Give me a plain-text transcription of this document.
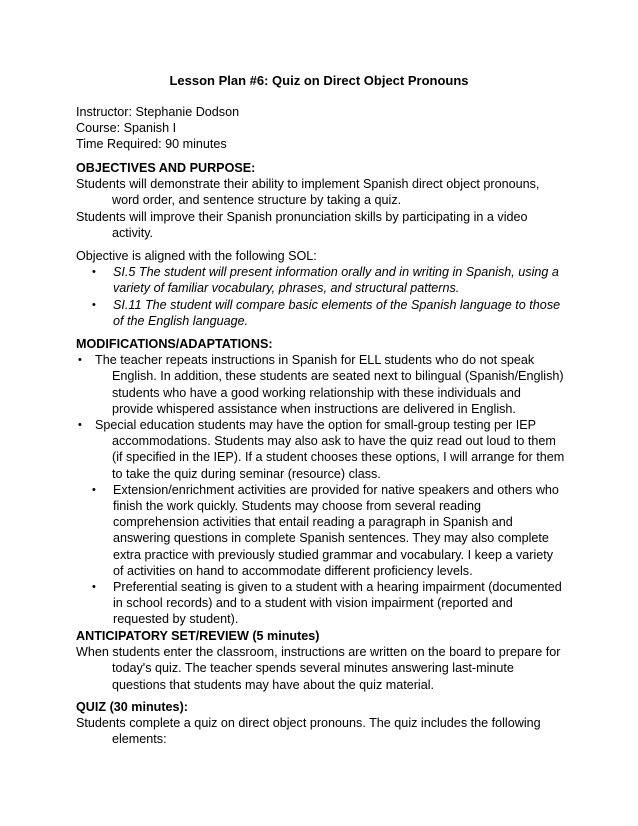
Lesson Plan #6: Quiz on Direct Object Pronouns
Instructor: Stephanie Dodson
Course: Spanish I
Time Required: 90 minutes
OBJECTIVES AND PURPOSE:
Students will demonstrate their ability to implement Spanish direct object pronouns,
word order, and sentence structure by taking a quiz.
Students will improve their Spanish pronunciation skills by participating in a video
activity.
Objective is aligned with the following SOL:
•	SI.5 The student will present information orally and in writing in Spanish, using a
variety of familiar vocabulary, phrases, and structural patterns.
•	SI.11 The student will compare basic elements of the Spanish language to those
of the English language.
MODIFICATIONS/ADAPTATIONS:
•	The teacher repeats instructions in Spanish for ELL students who do not speak
English. In addition, these students are seated next to bilingual (Spanish/English)
students who have a good working relationship with these individuals and
provide whispered assistance when instructions are delivered in English.
•	Special education students may have the option for small-group testing per IEP
accommodations. Students may also ask to have the quiz read out loud to them
(if specified in the IEP). If a student chooses these options, I will arrange for them
to take the quiz during seminar (resource) class.
•	Extension/enrichment activities are provided for native speakers and others who
finish the work quickly. Students may choose from several reading
comprehension activities that entail reading a paragraph in Spanish and
answering questions in complete Spanish sentences. They may also complete
extra practice with previously studied grammar and vocabulary. I keep a variety
of activities on hand to accommodate different proficiency levels.
•	Preferential seating is given to a student with a hearing impairment (documented
in school records) and to a student with vision impairment (reported and
requested by student).
ANTICIPATORY SET/REVIEW (5 minutes)
When students enter the classroom, instructions are written on the board to prepare for
today's quiz. The teacher spends several minutes answering last-minute
questions that students may have about the quiz material.
QUIZ (30 minutes):
Students complete a quiz on direct object pronouns. The quiz includes the following
elements:
